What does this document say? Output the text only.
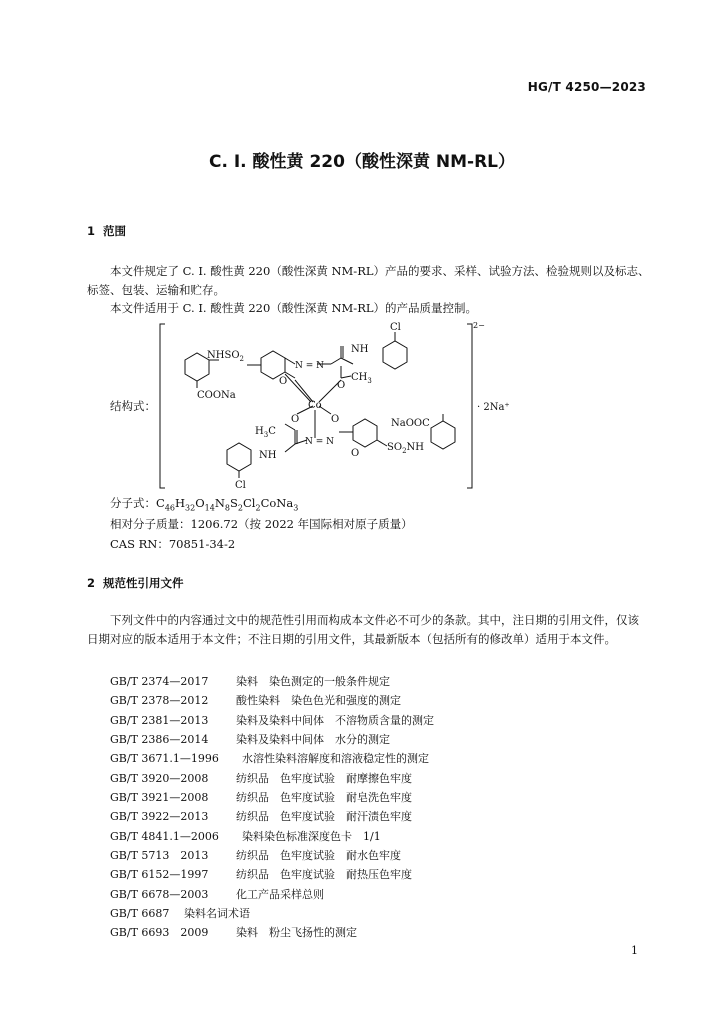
HG/T 4250—2023
C. I. 酸性黄 220（酸性深黄 NM-RL）
1 范围
本文件规定了 C. I. 酸性黄 220（酸性深黄 NM-RL）产品的要求、采样、试验方法、检验规则以及标志、标签、包装、运输和贮存。
本文件适用于 C. I. 酸性黄 220（酸性深黄 NM-RL）的产品质量控制。
结构式：
Cl	2−
$NHSO_2$
COONa
O
N = N
NH
$CH_3$
O
Co
O	O	NaOOC
$H_3C$
N = N
O
NH
$SO_2NH$
Cl
· 2Na⁺
分子式：$C_{46}H_{32}O_{14}N_8S_2Cl_2CoNa_3$
相对分子质量：1206.72（按 2022 年国际相对原子质量）
CAS RN：70851-34-2
2 规范性引用文件
下列文件中的内容通过文中的规范性引用而构成本文件必不可少的条款。其中，注日期的引用文件，仅该日期对应的版本适用于本文件；不注日期的引用文件，其最新版本（包括所有的修改单）适用于本文件。
GB/T 2374—2017	染料　染色测定的一般条件规定
GB/T 2378—2012	酸性染料　染色色光和强度的测定
GB/T 2381—2013	染料及染料中间体　不溶物质含量的测定
GB/T 2386—2014	染料及染料中间体　水分的测定
GB/T 3671.1—1996 水溶性染料溶解度和溶液稳定性的测定
GB/T 3920—2008	纺织品　色牢度试验　耐摩擦色牢度
GB/T 3921—2008	纺织品　色牢度试验　耐皂洗色牢度
GB/T 3922—2013	纺织品　色牢度试验　耐汗渍色牢度
GB/T 4841.1—2006 染料染色标准深度色卡　1/1
GB/T 5713　2013	纺织品　色牢度试验　耐水色牢度
GB/T 6152—1997	纺织品　色牢度试验　耐热压色牢度
GB/T 6678—2003	化工产品采样总则
GB/T 6687 染料名词术语
GB/T 6693　2009	染料　粉尘飞扬性的测定
1
